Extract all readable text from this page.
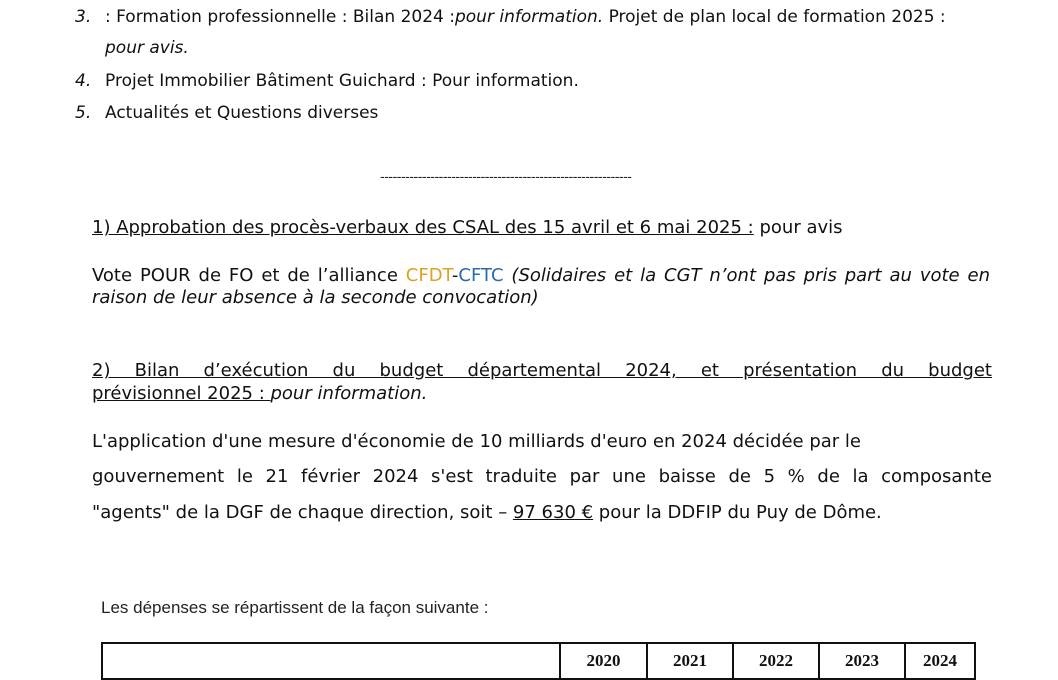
3. : Formation professionnelle : Bilan 2024 :pour information. Projet de plan local de formation 2025 :
pour avis.
4. Projet Immobilier Bâtiment Guichard : Pour information.
5. Actualités et Questions diverses
------------------------------------------------------------
1) Approbation des procès-verbaux des CSAL des 15 avril et 6 mai 2025 : pour avis
Vote POUR de FO et de l’alliance CFDT-CFTC (Solidaires et la CGT n’ont pas pris part au vote en raison de leur absence à la seconde convocation)
2) Bilan d’exécution du budget départemental 2024, et présentation du budget
prévisionnel 2025 : pour information.
L'application d'une mesure d'économie de 10 milliards d'euro en 2024 décidée par le
gouvernement le 21 février 2024 s'est traduite par une baisse de 5 % de la composante
"agents" de la DGF de chaque direction, soit – 97 630 € pour la DDFIP du Puy de Dôme.
Les dépenses se répartissent de la façon suivante :
	2020	2021	2022	2023	2024
